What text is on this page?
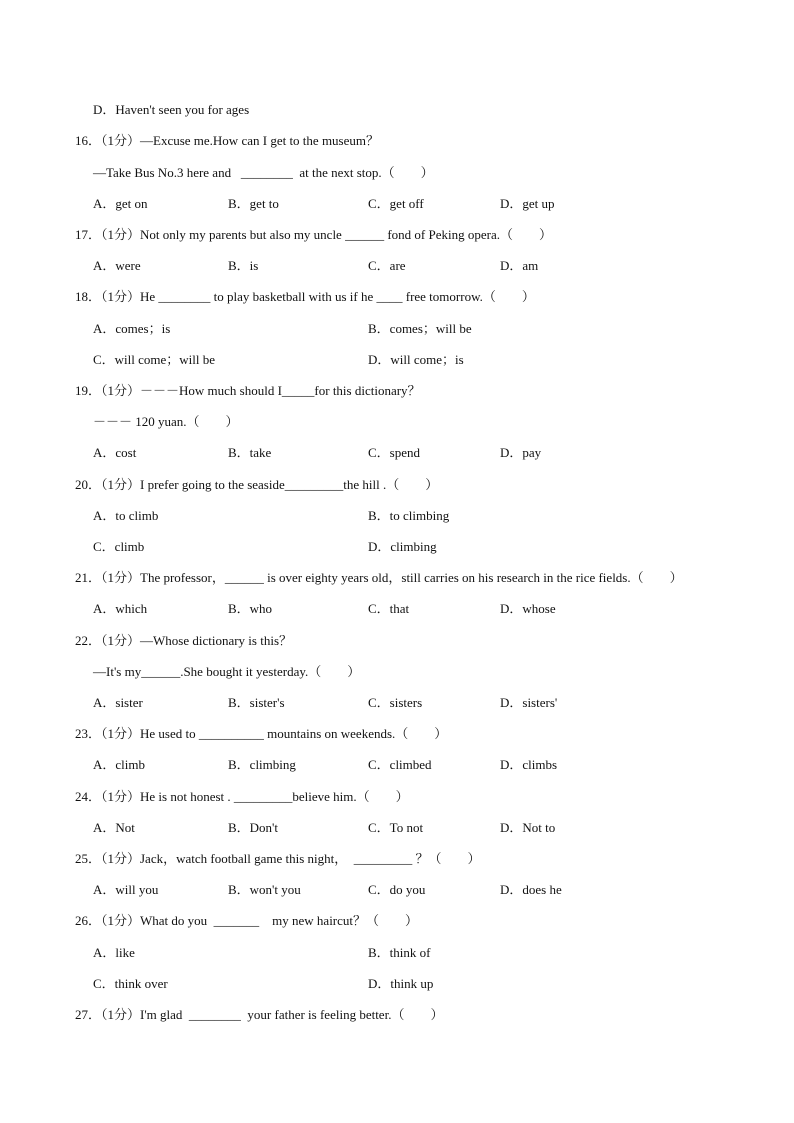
D．Haven't seen you for ages
16．（1分）—Excuse me.How can I get to the museum？
—Take Bus No.3 here and   ________  at the next stop.（　　）
A．get on	B．get to	C．get off	D．get up
17．（1分）Not only my parents but also my uncle ______ fond of Peking opera.（　　）
A．were	B．is	C．are	D．am
18．（1分）He ________ to play basketball with us if he ____ free tomorrow.（　　）
A．comes；is	B．comes；will be
C．will come；will be	D．will come；is
19．（1分）－－－How much should I_____for this dictionary？
－－－ 120 yuan.（　　）
A．cost	B．take	C．spend	D．pay
20．（1分）I prefer going to the seaside_________the hill .（　　）
A．to climb	B．to climbing
C．climb	D．climbing
21．（1分）The professor，______ is over eighty years old，still carries on his research in the rice fields.（　　）
A．which	B．who	C．that	D．whose
22．（1分）—Whose dictionary is this？
—It's my______.She bought it yesterday.（　　）
A．sister	B．sister's	C．sisters	D．sisters'
23．（1分）He used to __________ mountains on weekends.（　　）
A．climb	B．climbing	C．climbed	D．climbs
24．（1分）He is not honest . _________believe him.（　　）
A．Not	B．Don't	C．To not	D．Not to
25．（1分）Jack，watch football game this night，  _________ ？（　　）
A．will you	B．won't you	C．do you	D．does he
26．（1分）What do you  _______    my new haircut？（　　）
A．like	B．think of
C．think over	D．think up
27．（1分）I'm glad  ________  your father is feeling better.（　　）
